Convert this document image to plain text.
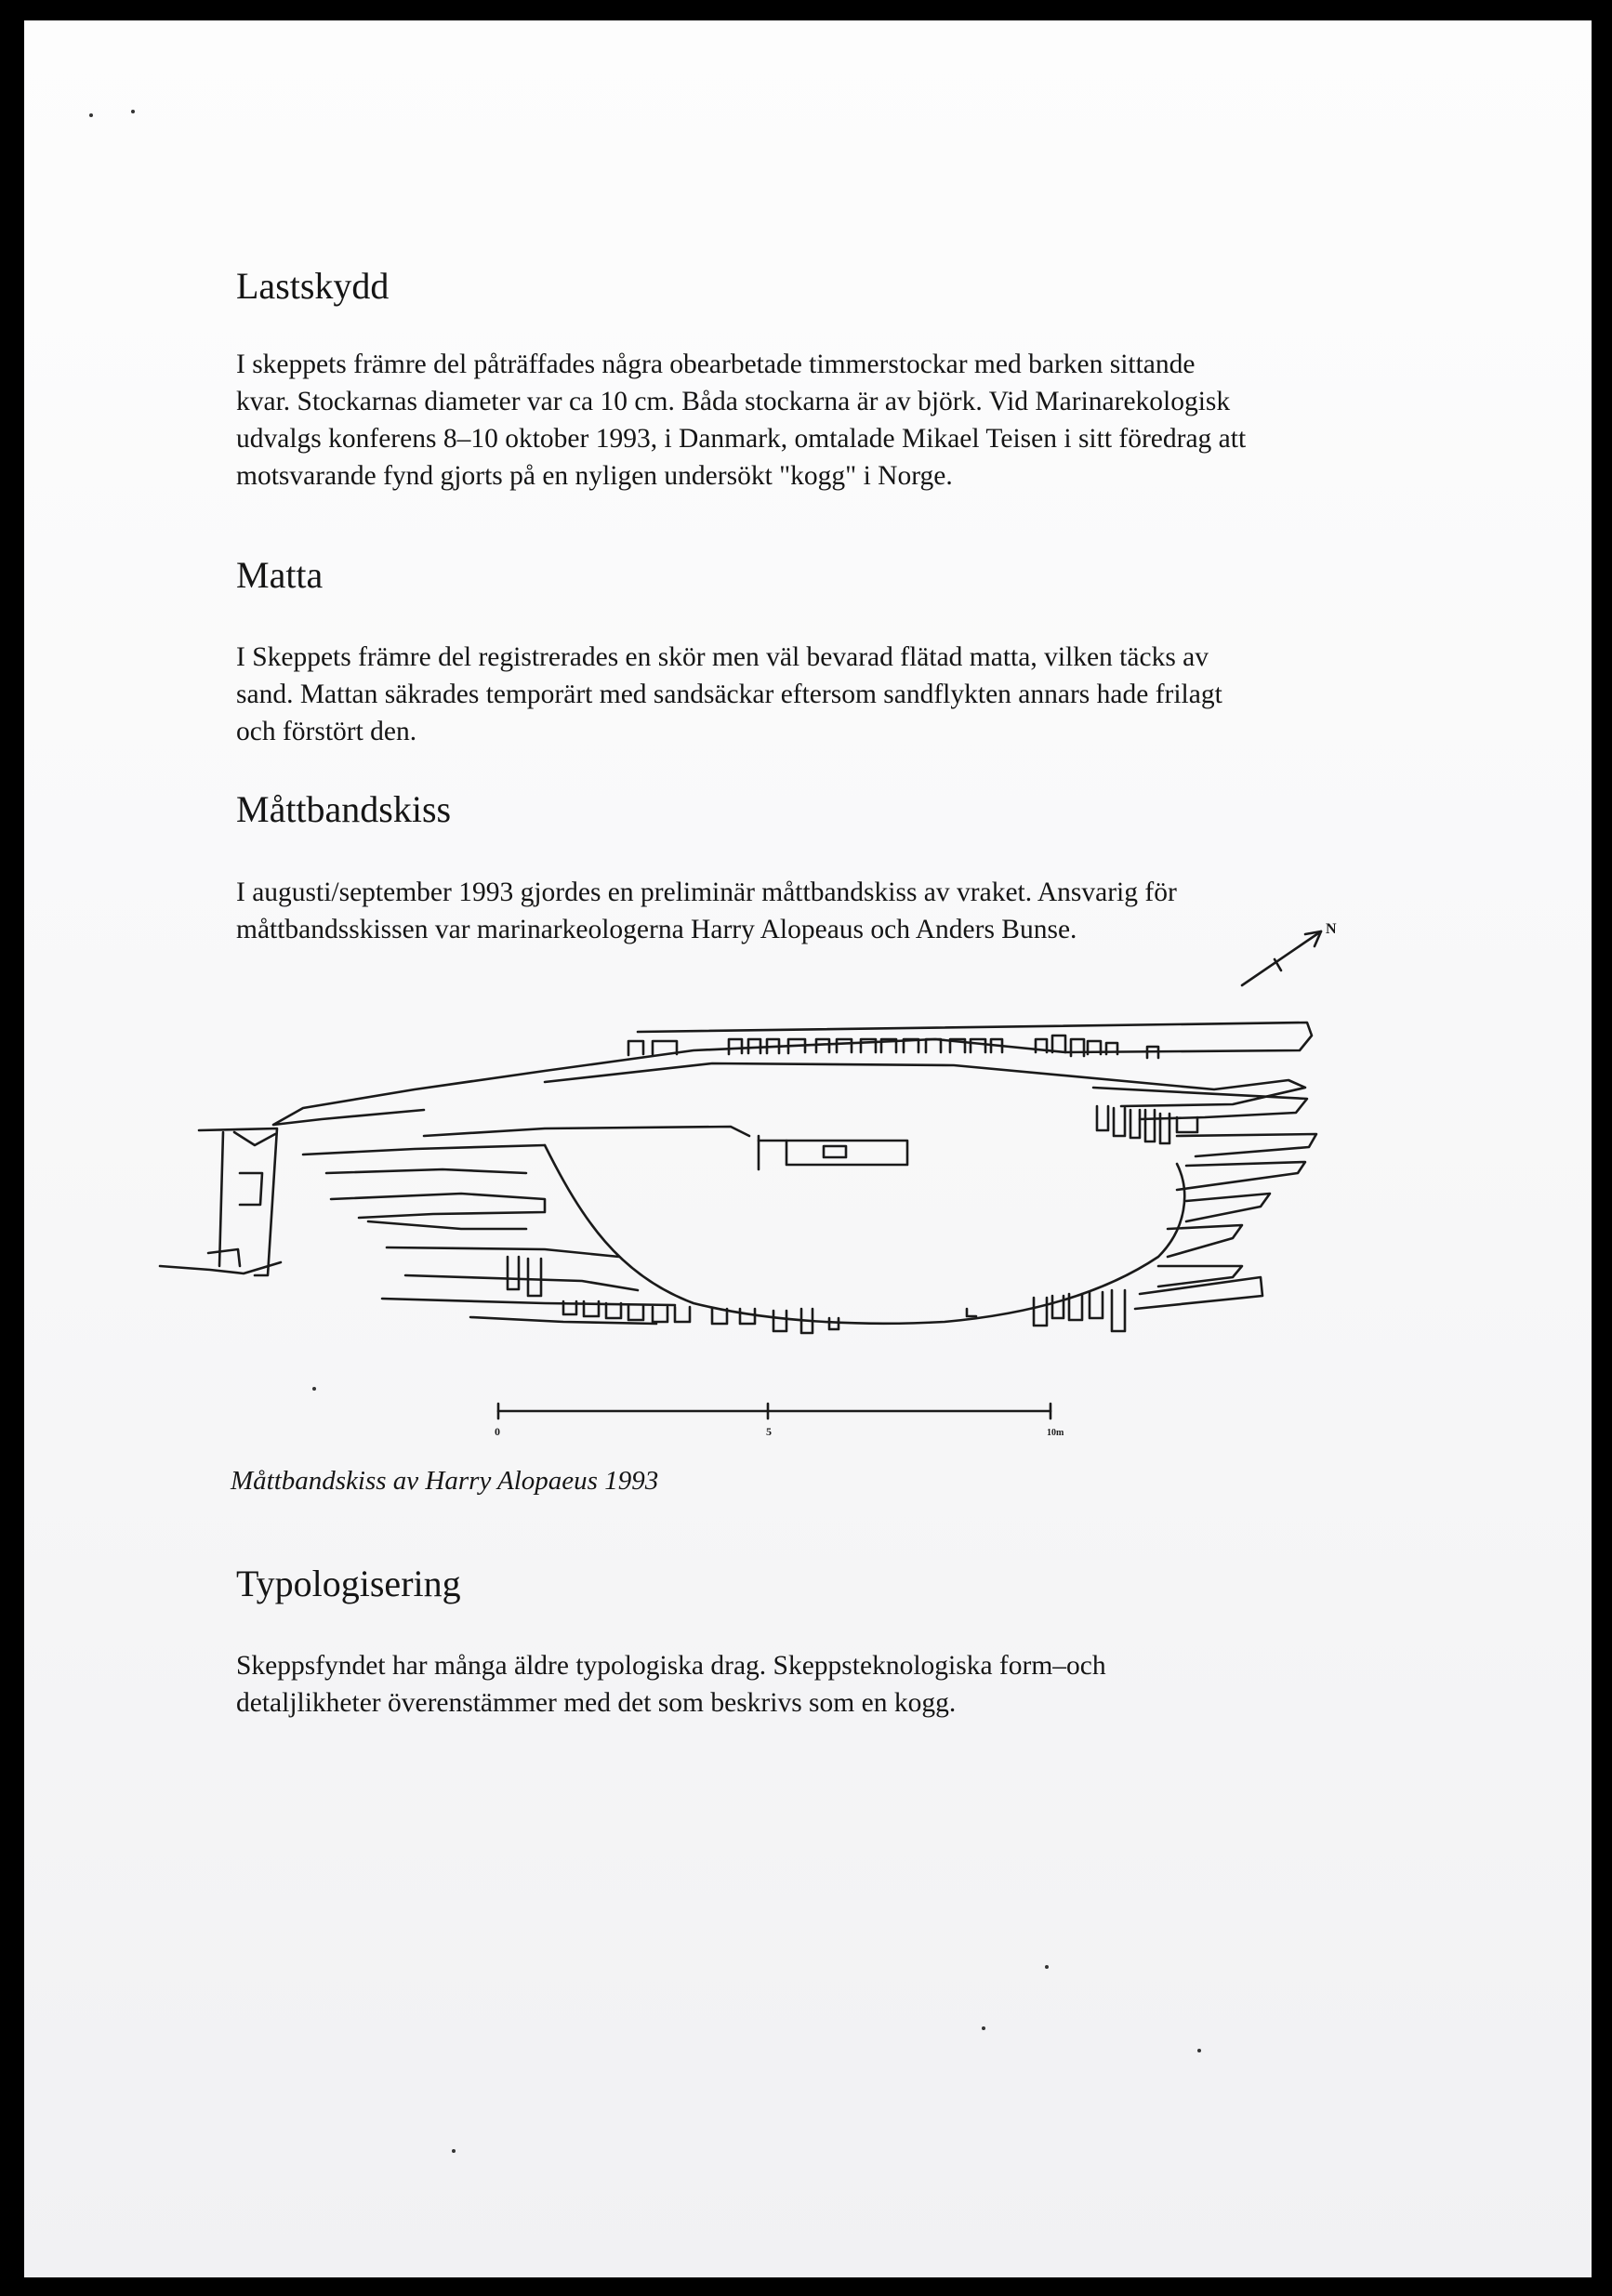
Lastskydd
I skeppets främre del påträffades några obearbetade timmerstockar med barken sittande
kvar. Stockarnas diameter var ca 10 cm. Båda stockarna är av björk. Vid Marinarekologisk
udvalgs konferens 8–10 oktober 1993, i Danmark, omtalade Mikael Teisen i sitt föredrag att
motsvarande fynd gjorts på en nyligen undersökt "kogg" i Norge.
Matta
I Skeppets främre del registrerades en skör men väl bevarad flätad matta, vilken täcks av
sand. Mattan säkrades temporärt med sandsäckar eftersom sandflykten annars hade frilagt
och förstört den.
Måttbandskiss
I augusti/september 1993 gjordes en preliminär måttbandskiss av vraket. Ansvarig för
måttbandsskissen var marinarkeologerna Harry Alopeaus och Anders Bunse.	N
0	5	10m

Måttbandskiss av Harry Alopaeus 1993

Typologisering
Skeppsfyndet har många äldre typologiska drag. Skeppsteknologiska form–och
detaljlikheter överenstämmer med det som beskrivs som en kogg.
